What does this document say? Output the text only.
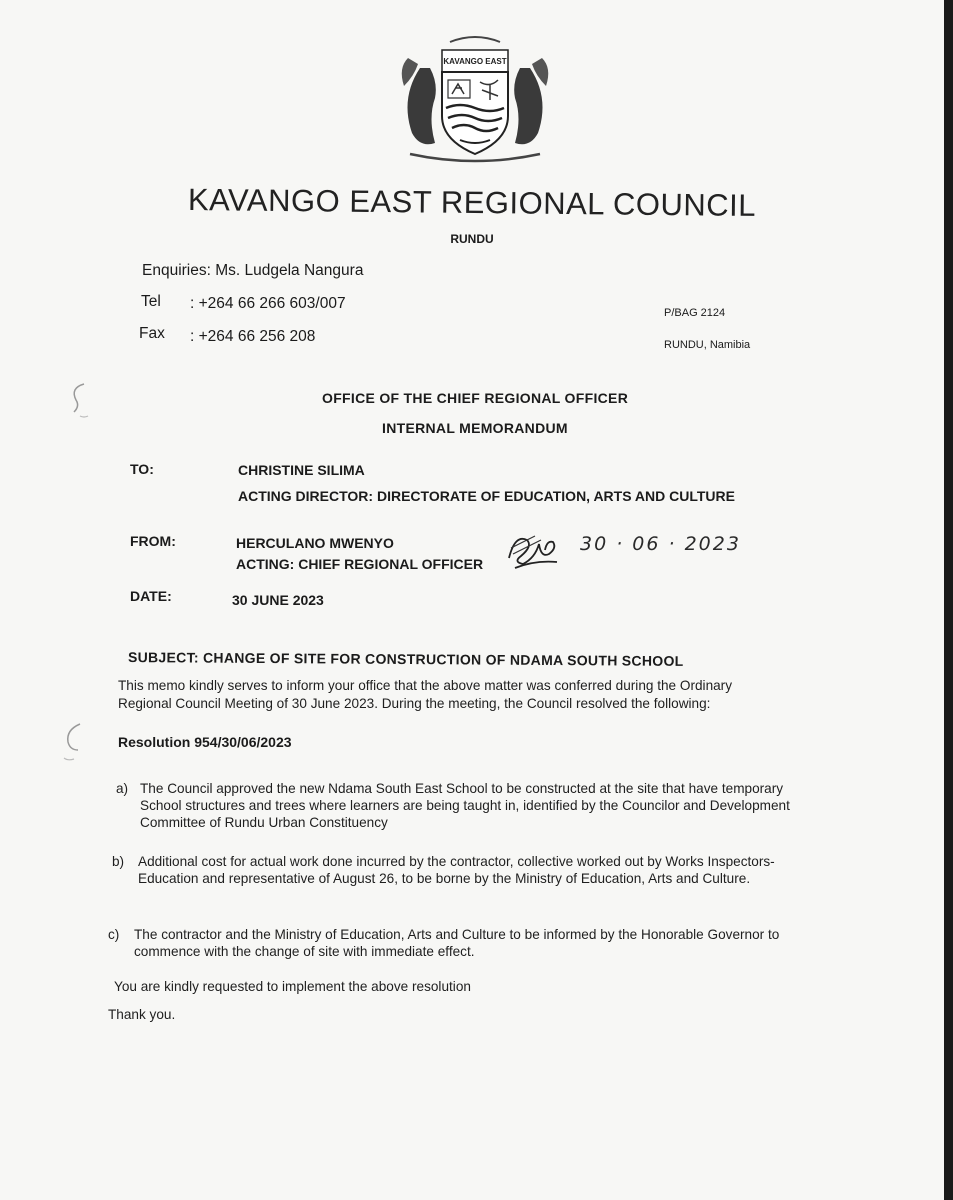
KAVANGO EAST
KAVANGO EAST REGIONAL COUNCIL
RUNDU
Enquiries: Ms. Ludgela Nangura
Tel : +264 66 266 603/007
Fax : +264 66 256 208
P/BAG 2124
RUNDU, Namibia
OFFICE OF THE CHIEF REGIONAL OFFICER
INTERNAL MEMORANDUM
TO:	CHRISTINE SILIMA
ACTING DIRECTOR: DIRECTORATE OF EDUCATION, ARTS AND CULTURE
FROM:	HERCULANO MWENYO
ACTING: CHIEF REGIONAL OFFICER
30 · 06 · 2023
DATE:	30 JUNE 2023
SUBJECT: CHANGE OF SITE FOR CONSTRUCTION OF NDAMA SOUTH SCHOOL
This memo kindly serves to inform your office that the above matter was conferred during the Ordinary
Regional Council Meeting of 30 June 2023. During the meeting, the Council resolved the following:
Resolution 954/30/06/2023
a) The Council approved the new Ndama South East School to be constructed at the site that have temporary School structures and trees where learners are being taught in, identified by the Councilor and Development Committee of Rundu Urban Constituency
b) Additional cost for actual work done incurred by the contractor, collective worked out by Works Inspectors- Education and representative of August 26, to be borne by the Ministry of Education, Arts and Culture.
c) The contractor and the Ministry of Education, Arts and Culture to be informed by the Honorable Governor to commence with the change of site with immediate effect.
You are kindly requested to implement the above resolution
Thank you.
